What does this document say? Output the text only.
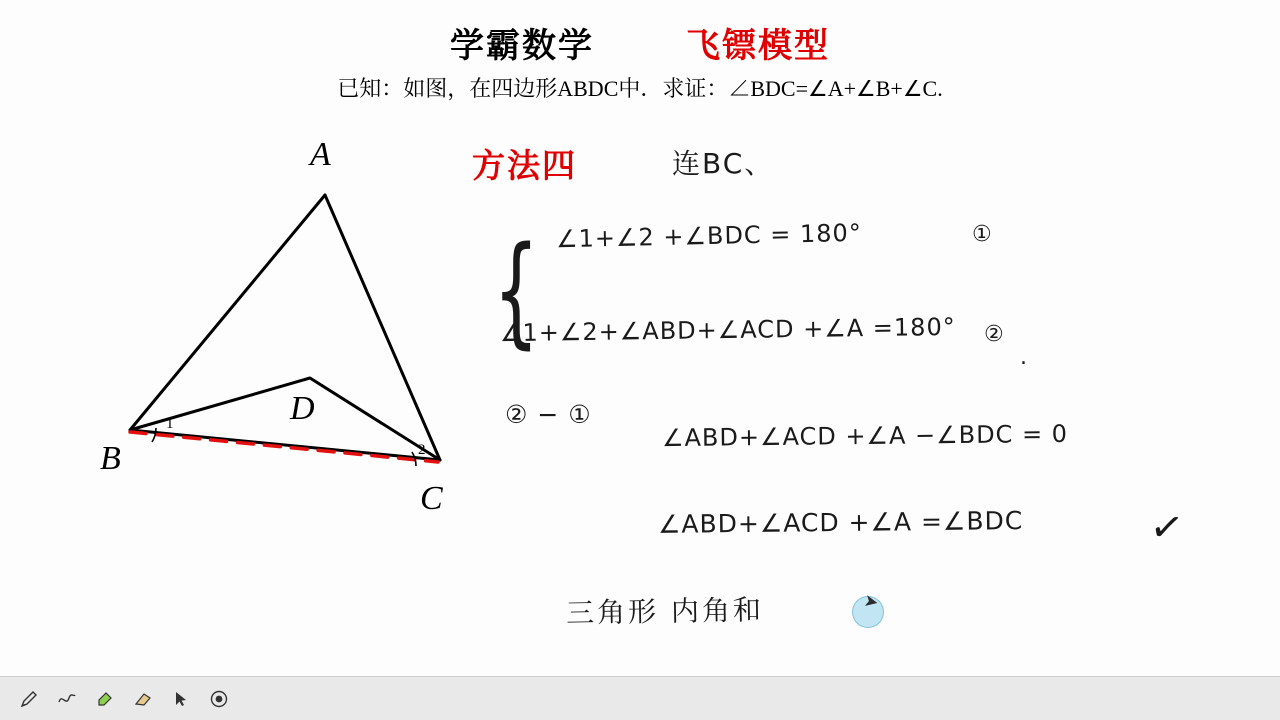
学霸数学	飞镖模型
已知：如图，在四边形ABDC中．求证：∠BDC=∠A+∠B+∠C.
A
B
C
D
1
2
方法四	连BC、
{ ∠1+∠2 +∠BDC = 180°	①
∠1+∠2+∠ABD+∠ACD +∠A =180° ②
.
② − ①
∠ABD+∠ACD +∠A −∠BDC = 0
∠ABD+∠ACD +∠A =∠BDC	✓
三角形 内角和	➤
